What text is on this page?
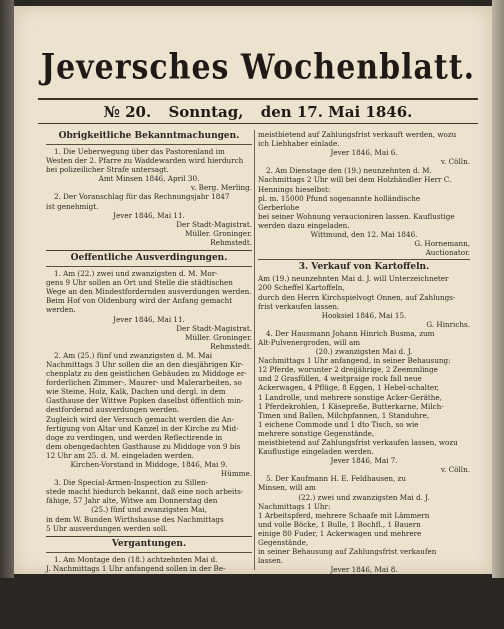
Jeversches Wochenblatt.
№ 20. Sonntag, den 17. Mai 1846.
Obrigkeitliche Bekanntmachungen.
1. Die Ueberwegung über das Pastorenland im
Westen der 2. Pfarre zu Waddewarden wird hierdurch
bei polizeilicher Strafe untersagt.
Amt Minsen 1846, April 30.
v. Berg. Merling.
2. Der Voranschlag für das Rechnungsjahr 1847
ist genehmigt.
Jever 1846, Mai 11.
Der Stadt-Magistrat.
Müller. Groninger.
Rehmstedt.
Oeffentliche Ausverdingungen.
1. Am (22.) zwei und zwanzigsten d. M. Mor-
gens 9 Uhr sollen an Ort und Stelle die städtischen
Wege an den Mindestfordernden ausverdungen werden.
Beim Hof von Oldenburg wird der Anfang gemacht
werden.
Jever 1846, Mai 11.
Der Stadt-Magistrat.
Müller. Groninger.
Rehmstedt.
2. Am (25.) fünf und zwanzigsten d. M. Mai
Nachmittags 3 Uhr sollen die an den diesjährigen Kir-
chenplatz zu den geistlichen Gebäuden zu Middoge er-
forderlichen Zimmer-, Maurer- und Malerarbeiten, so
wie Steine, Holz, Kalk, Dachen und dergl. in dem
Gasthause der Wittwe Popken daselbst öffentlich min-
destfordernd ausverdungen werden.
Zugleich wird der Versuch gemacht werden die An-
fertigung von Altar und Kanzel in der Kirche zu Mid-
doge zu verdingen, und werden Reflectirende in
dem obengedachten Gasthause zu Middoge von 9 bis
12 Uhr am 25. d. M. eingeladen werden.
Kirchen-Vorstand in Middoge, 1846, Mai 9.
Hümme.
3. Die Special-Armen-Inspection zu Sillen-
stede macht hiedurch bekannt, daß eine noch arbeits-
fähige, 57 Jahr alte, Witwe am Donnerstag den
(25.) fünf und zwanzigsten Mai,
in dem W. Bunden Wirthshause des Nachmittags
5 Uhr ausverdungen werden soll.
Vergantungen.
1. Am Montage den (18.) achtzehnten Mai d.
J. Nachmittags 1 Uhr anfangend sollen in der Be-
hausung des Gastwirths Fr. Lübben, im Bremer-
schliffel hieselbst:
einige Lasten Rocken, 1 Last Kartoffeln und eine
Parthie Erbsen, in beliebigen Quantitäten,
meistbietend auf Zahlungsfrist verkauft werden, wozu
ich Liebhaber einlade.
Jever 1846, Mai 6.
v. Cölln.
2. Am Dienstage den (19.) neunzehnten d. M.
Nachmittags 2 Uhr will bei dem Holzhändler Herr C.
Hennings hieselbst:
pl. m. 15000 Pfund sogenannte holländische
Gerberlohe
bei seiner Wohnung veraucioniren lassen. Kauflustige
werden dazu eingeladen.
Wittmund, den 12. Mai 1846.
G. Hornemann,
Auctionator.
3. Verkauf von Kartoffeln.
Am (19.) neunzehnten Mai d. J. will Unterzeichneter
200 Scheffel Kartoffeln,
durch den Herrn Kirchspielvogt Onnen, auf Zahlungs-
frist verkaufen lassen.
Hooksiel 1846, Mai 15.
G. Hinrichs.
4. Der Hausmann Johann Hinrich Busma, zum
Alt-Pulvenergroden, will am
(20.) zwanzigsten Mai d. J.
Nachmittags 1 Uhr anfangend, in seiner Behausung:
12 Pferde, worunter 2 dreijährige, 2 Zeemmlinge
und 2 Grasfüllen, 4 weitpraige rock fall neue
Ackerwagen, 4 Pflüge, 8 Eggen, 1 Hebel-schalter,
1 Landrolle, und mehrere sonstige Acker-Geräthe,
1 Pferdekrohlen, 1 Käsepreße, Butterkarne, Milch-
Timen und Ballen, Milchpfannen, 1 Standuhre,
1 eichene Commode und 1 dto Tisch, so wie
mehrere sonstige Gegenstände,
meistbietend auf Zahlungsfrist verkaufen lassen, wozu
Kauflustige eingeladen werden.
Jever 1846, Mai 7.
v. Cölln.
5. Der Kaufmann H. E. Feldhausen, zu
Minsen, will am
(22.) zwei und zwanzigsten Mai d. J.
Nachmittags 1 Uhr:
1 Arbeitspferd, mehrere Schaafe mit Lämmern
und volle Böcke, 1 Bulle, 1 Bochfl., 1 Bauern
einige 80 Fuder, 1 Ackerwagen und mehrere
Gegenstände,
in seiner Behausung auf Zahlungsfrist verkaufen
lassen.
Jever 1846, Mai 8.
v. Cölln.
6. Der Zimmermann G. E. Janssen, zu För-
rien, läßt am
(22.) zwei und zwanzigsten Mai d. J.
Nachmittags 3 Uhr, in der Wohnung des Kaufmanns
H. E. Feldhausen, zu Minsen:
